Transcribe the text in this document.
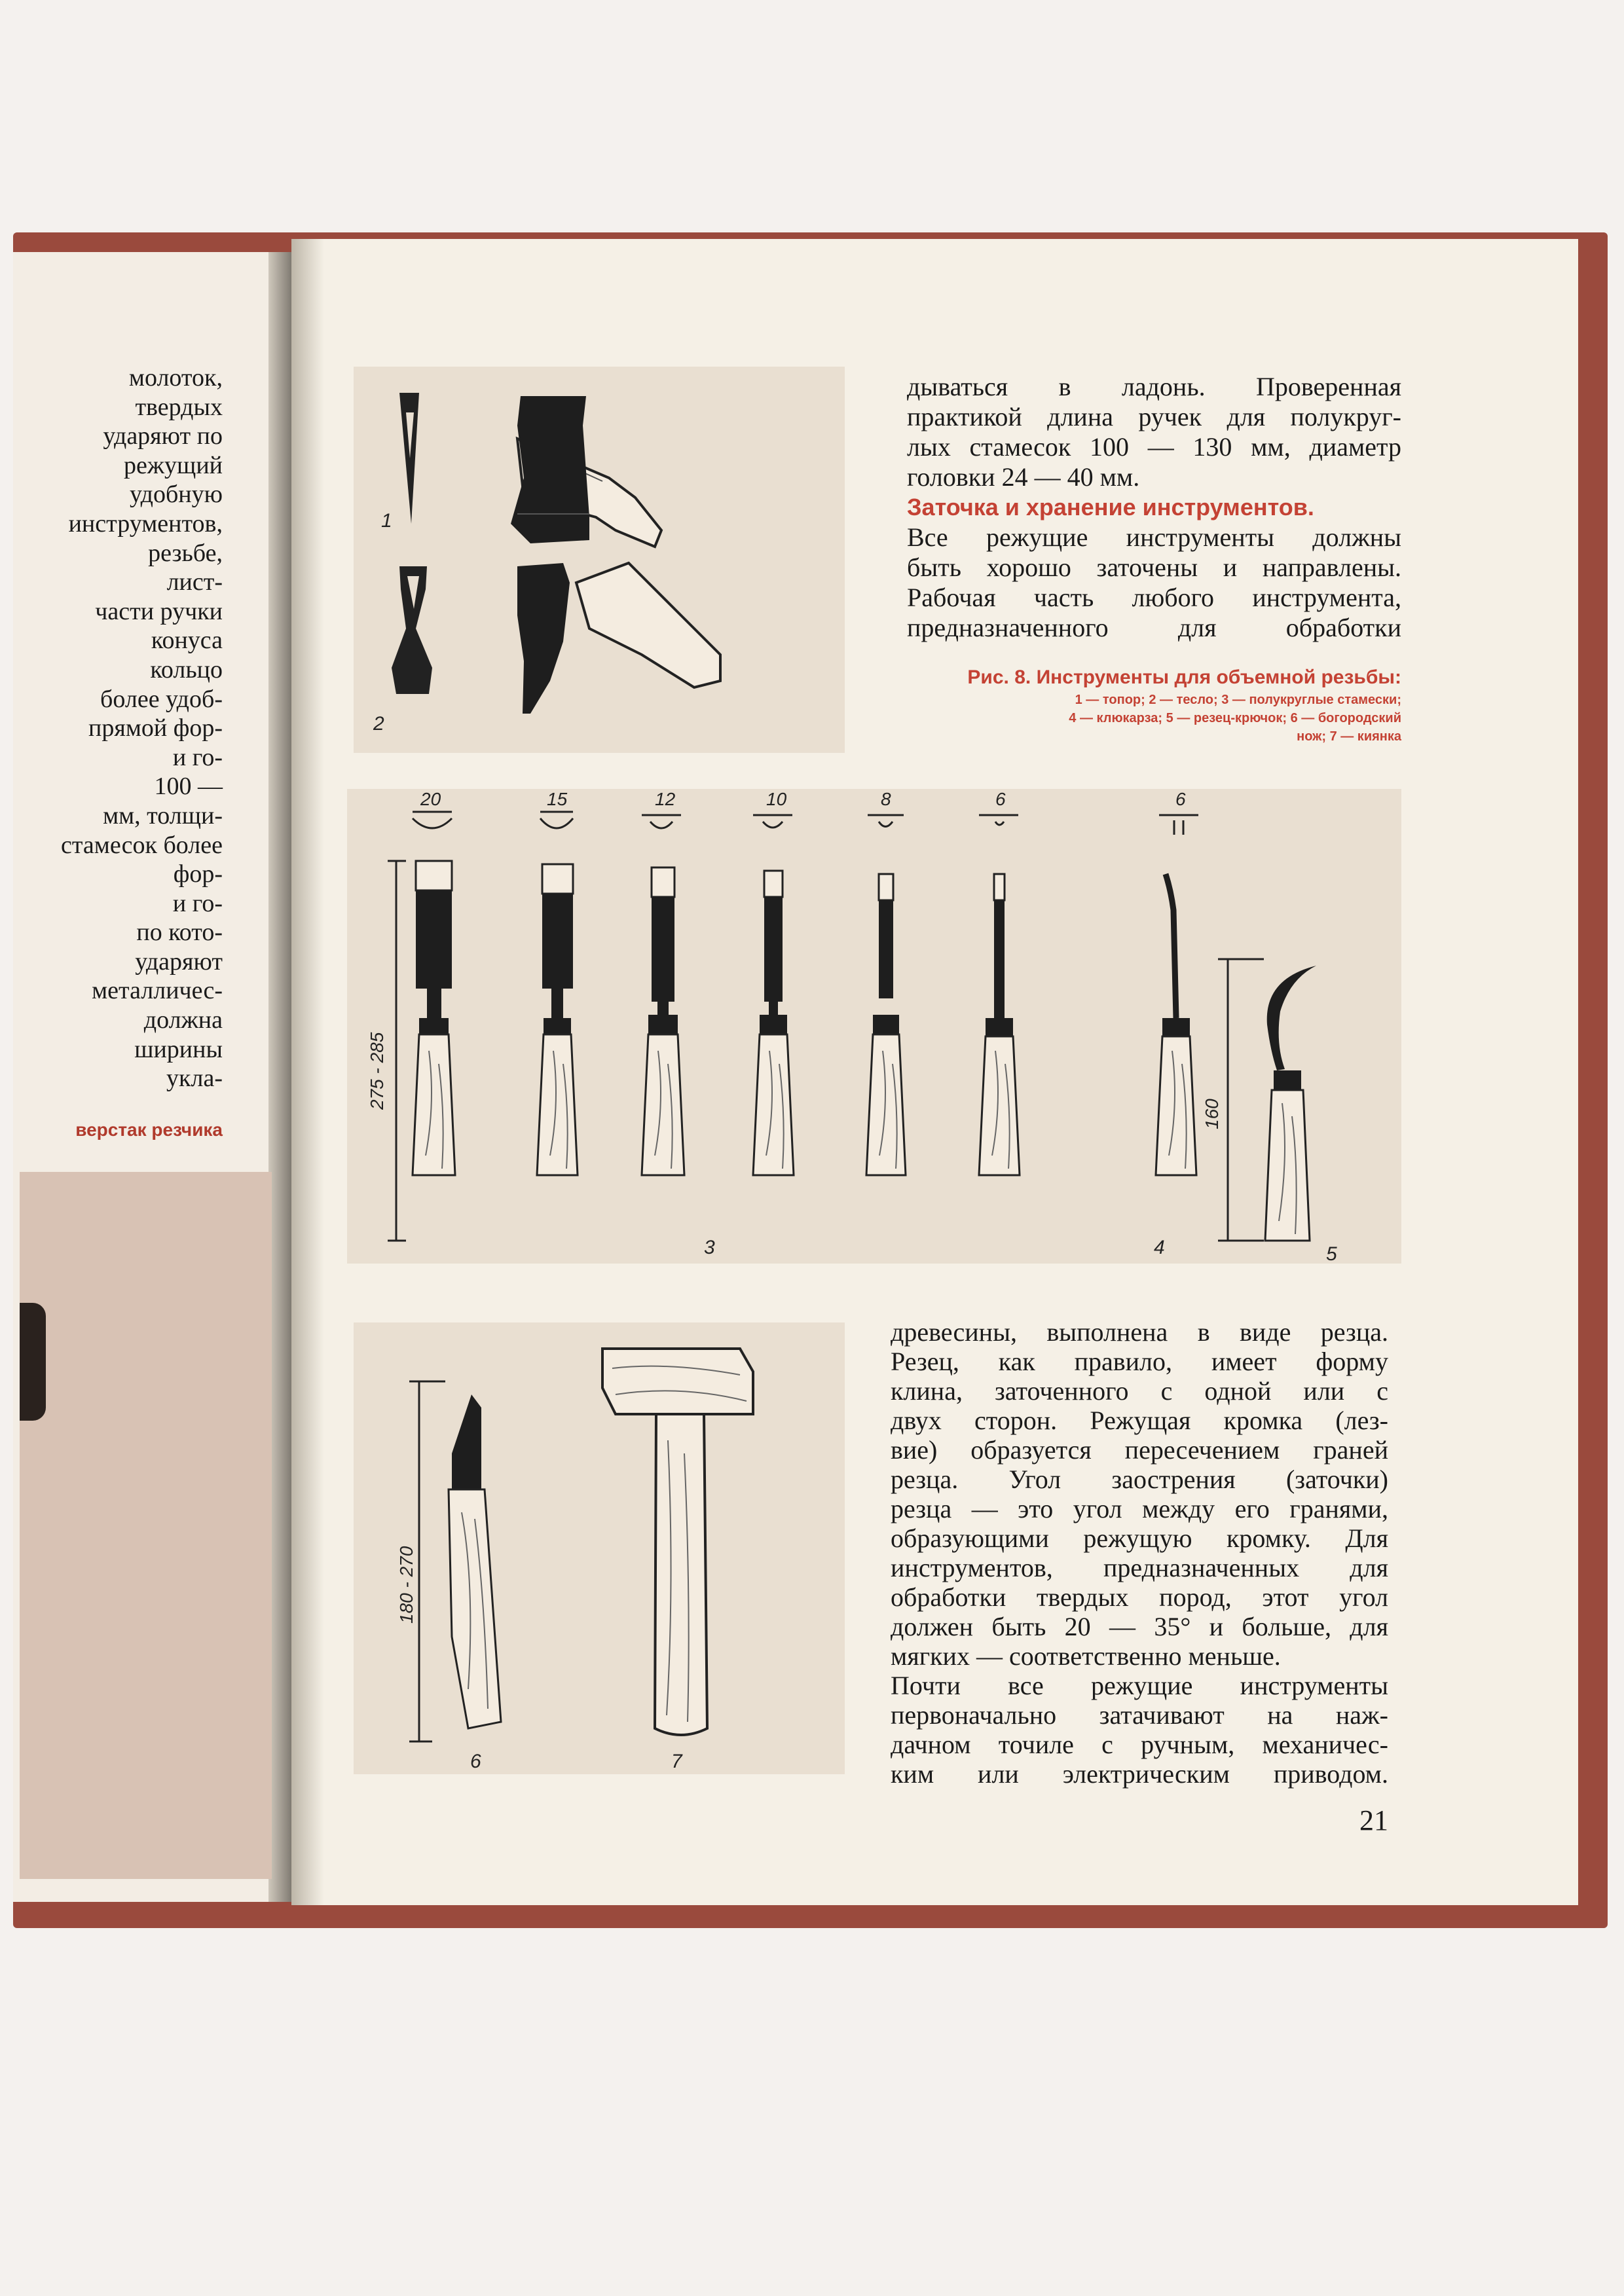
молоток,
твердых
ударяют по
режущий
удобную
инструментов,
резьбе,
лист-
части ручки
конуса
кольцо
более удоб-
прямой фор-
и го-
100 —
мм, толщи-
стамесок более
фор-
и го-
по кото-
ударяют
металличес-
должна
ширины
укла-
верстак резчика
дываться в ладонь. Проверенная
практикой длина ручек для полукруг-
лых стамесок 100 — 130 мм, диаметр
головки 24 — 40 мм.
Заточка и хранение инструментов.
Все режущие инструменты должны
быть хорошо заточены и направлены.
Рабочая часть любого инструмента,
предназначенного для обработки
Рис. 8. Инструменты для объемной резьбы:
1 — топор; 2 — тесло; 3 — полукруглые стамески;
4 — клюкарза; 5 — резец-крючок; 6 — богородский
нож; 7 — киянка
1
2
20
275 - 285
15	12	10	8	6	6
160
3	4	5
180 - 270
6	7
древесины, выполнена в виде резца.
Резец, как правило, имеет форму
клина, заточенного с одной или с
двух сторон. Режущая кромка (лез-
вие) образуется пересечением граней
резца. Угол заострения (заточки)
резца — это угол между его гранями,
образующими режущую кромку. Для
инструментов, предназначенных для
обработки твердых пород, этот угол
должен быть 20 — 35° и больше, для
мягких — соответственно меньше.
Почти все режущие инструменты
первоначально затачивают на наж-
дачном точиле с ручным, механичес-
ким или электрическим приводом.
21
